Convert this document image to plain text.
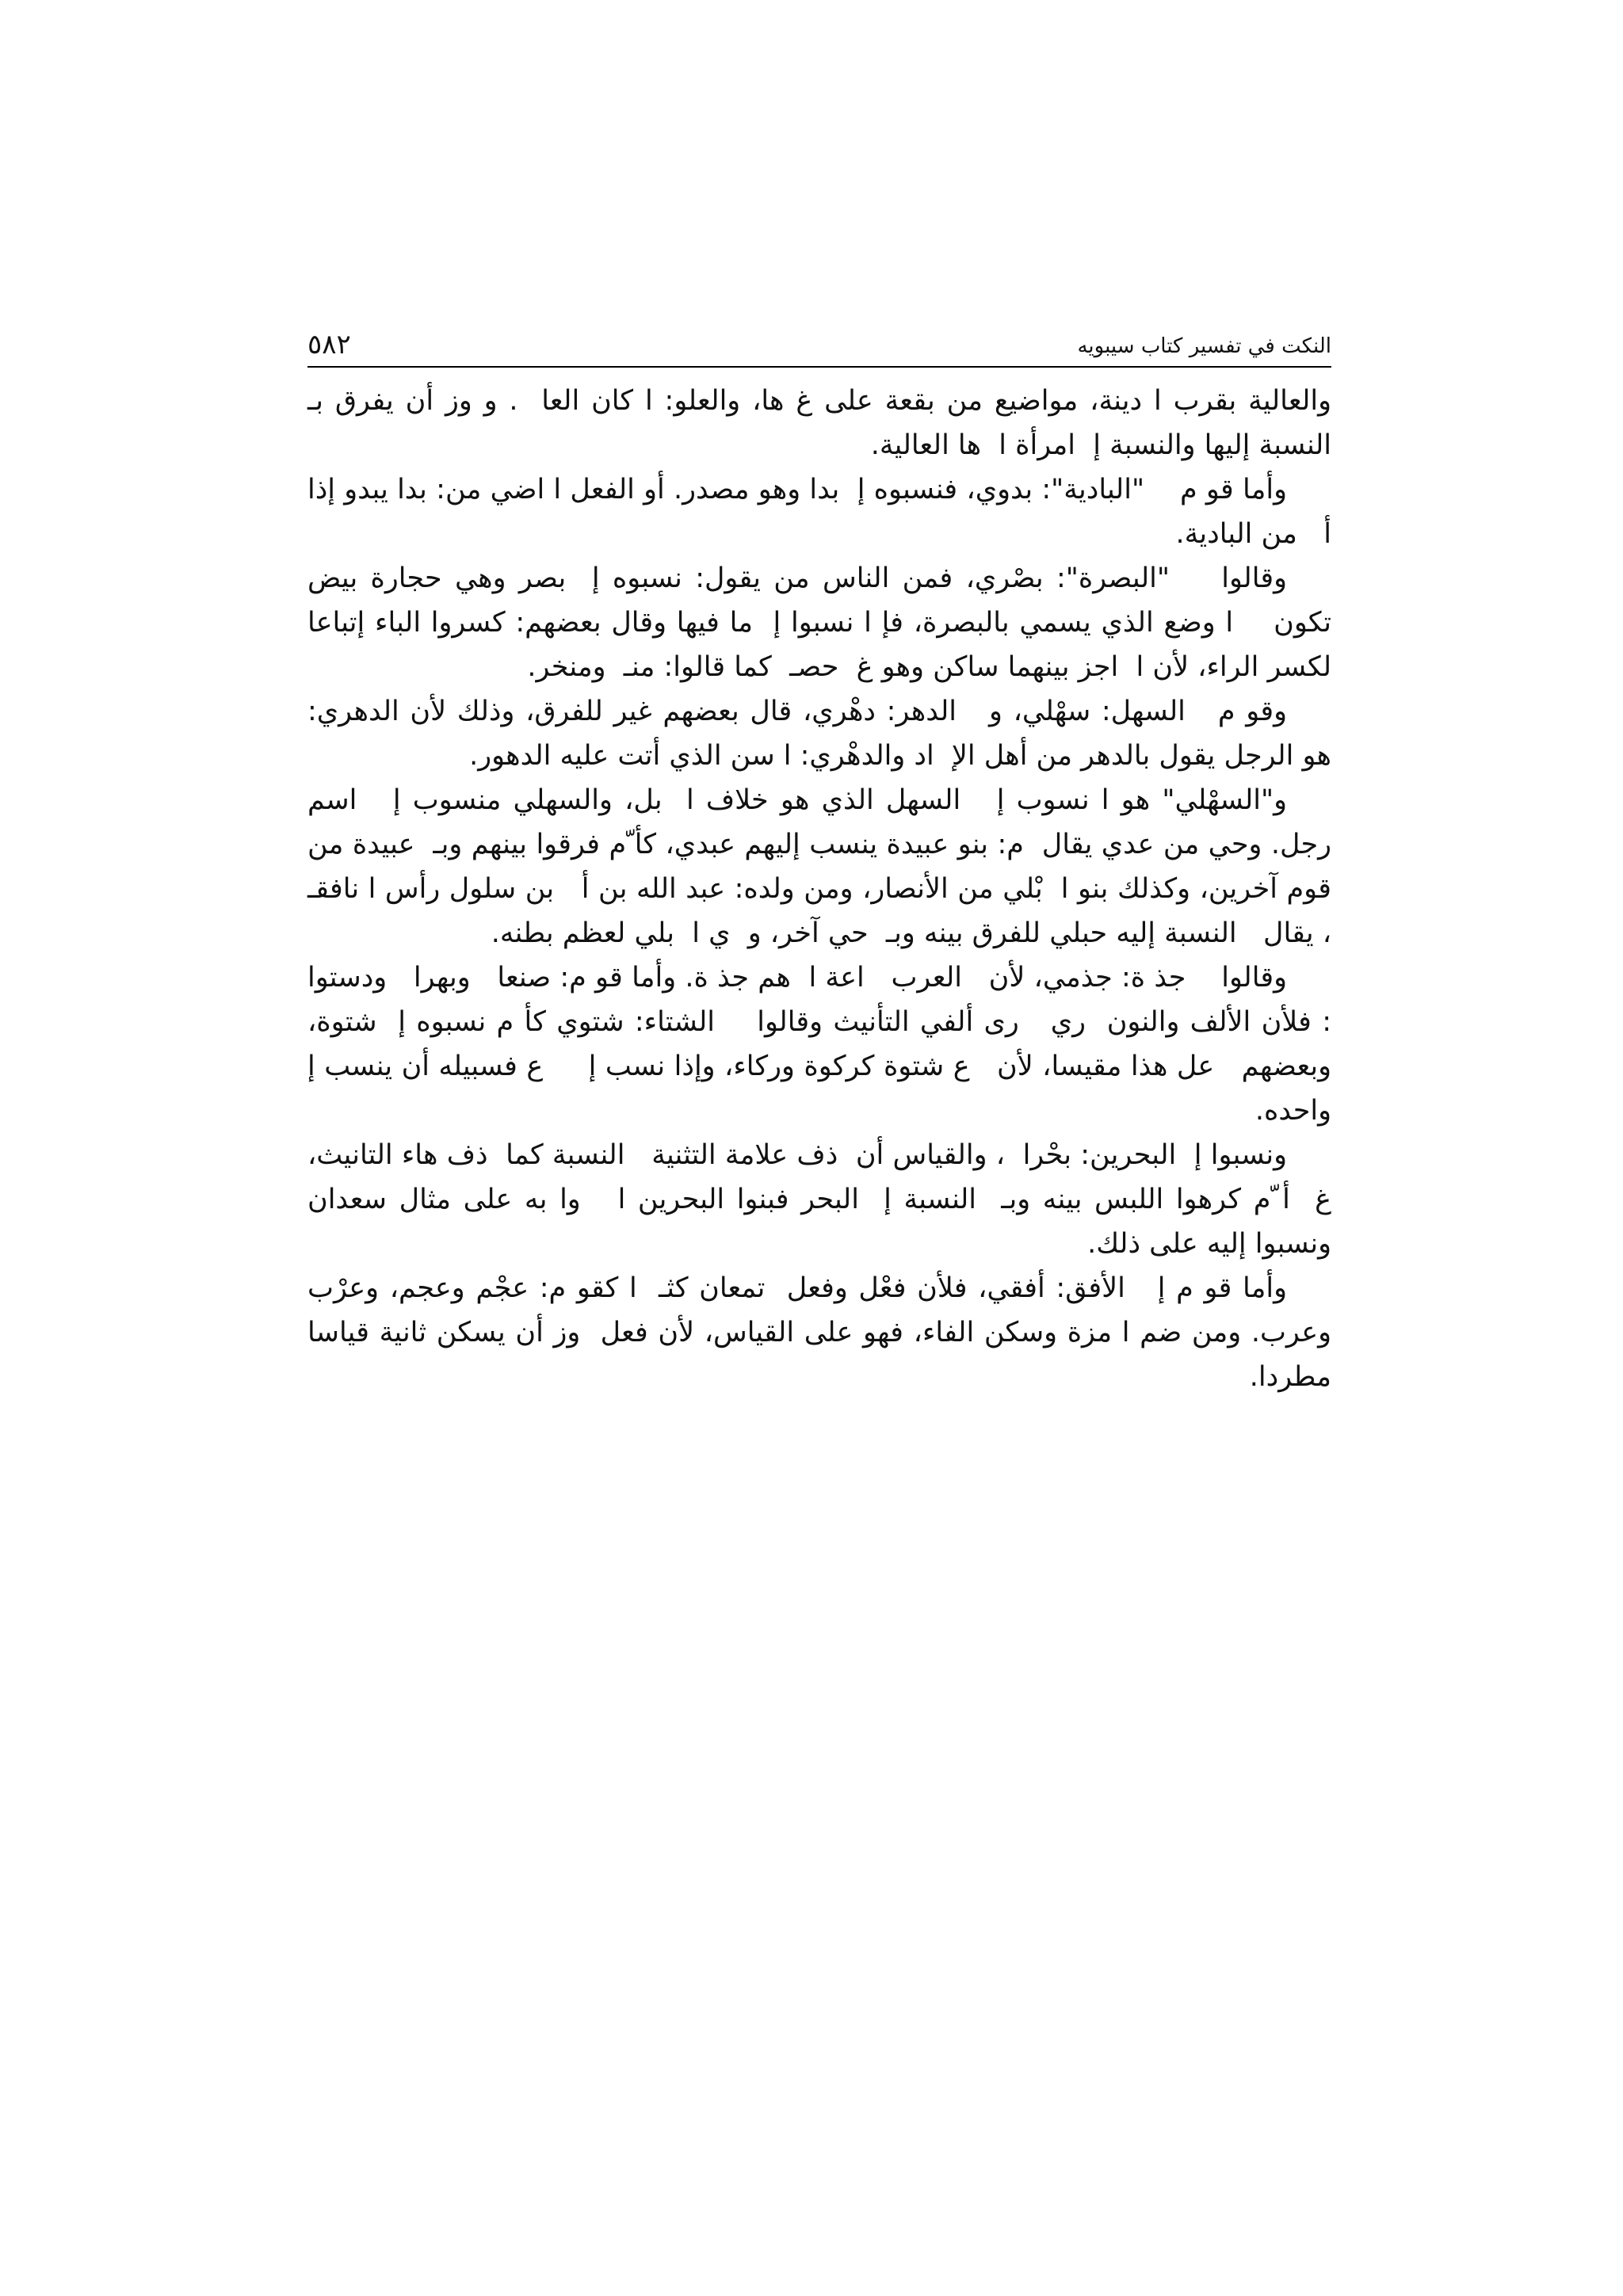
النكت في تفسير كتاب سيبويه
٥٨٢

والعالية بقرب ا دينة، مواضيع من بقعة على غ ها، والعلو: ا كان العا  . و وز أن يفرق بـ  النسبة إليها والنسبة إ  امرأة ا  ها العالية.

وأما قو م    "البادية": بدوي، فنسبوه إ  بدا وهو مصدر. أو الفعل ا اضي من: بدا يبدو إذا أ   من البادية.

وقالوا    "البصرة": بصْري، فمن الناس من يقول: نسبوه إ  بصر وهي حجارة بيض تكون    ا وضع الذي يسمي بالبصرة، فإ ا نسبوا إ  ما فيها وقال بعضهم: كسروا الباء إتباعا لكسر الراء، لأن ا  اجز بينهما ساكن وهو غ  حصـ  كما قالوا: منـ  ومنخر.

وقو م   السهل: سهْلي، و   الدهر: دهْري، قال بعضهم غير للفرق، وذلك لأن الدهري: هو الرجل يقول بالدهر من أهل الإ  اد والدهْري: ا سن الذي أتت عليه الدهور.

و"السهْلي" هو ا نسوب إ   السهل الذي هو خلاف ا  بل، والسهلي منسوب إ   اسم رجل. وحي من عدي يقال  م: بنو عبيدة ينسب إليهم عبدي، كأ ّم فرقوا بينهم وبـ  عبيدة من قوم آخرين، وكذلك بنو ا  بْلي من الأنصار، ومن ولده: عبد الله بن أ   بن سلول رأس ا نافقـ  ، يقال   النسبة إليه حبلي للفرق بينه وبـ  حي آخر، و  ي ا  بلي لعظم بطنه.

وقالوا    جذ ة: جذمي، لأن   العرب   اعة ا  هم جذ ة. وأما قو م: صنعا   وبهرا   ودستوا  : فلأن الألف والنون  ري   رى ألفي التأنيث وقالوا    الشتاء: شتوي كأ م نسبوه إ  شتوة، وبعضهم   عل هذا مقيسا، لأن   ع شتوة كركوة وركاء، وإذا نسب إ     ع فسبيله أن ينسب إ  واحده.

ونسبوا إ  البحرين: بحْرا  ، والقياس أن  ذف علامة التثنية   النسبة كما  ذف هاء التانيث، غ  أ ّم كرهوا اللبس بينه وبـ  النسبة إ  البحر فبنوا البحرين ا   وا به على مثال سعدان ونسبوا إليه على ذلك.

وأما قو م إ   الأفق: أفقي، فلأن فعْل وفعل  تمعان كثـ  ا كقو م: عجْم وعجم، وعرْب وعرب. ومن ضم ا مزة وسكن الفاء، فهو على القياس، لأن فعل  وز أن يسكن ثانية قياسا مطردا.
